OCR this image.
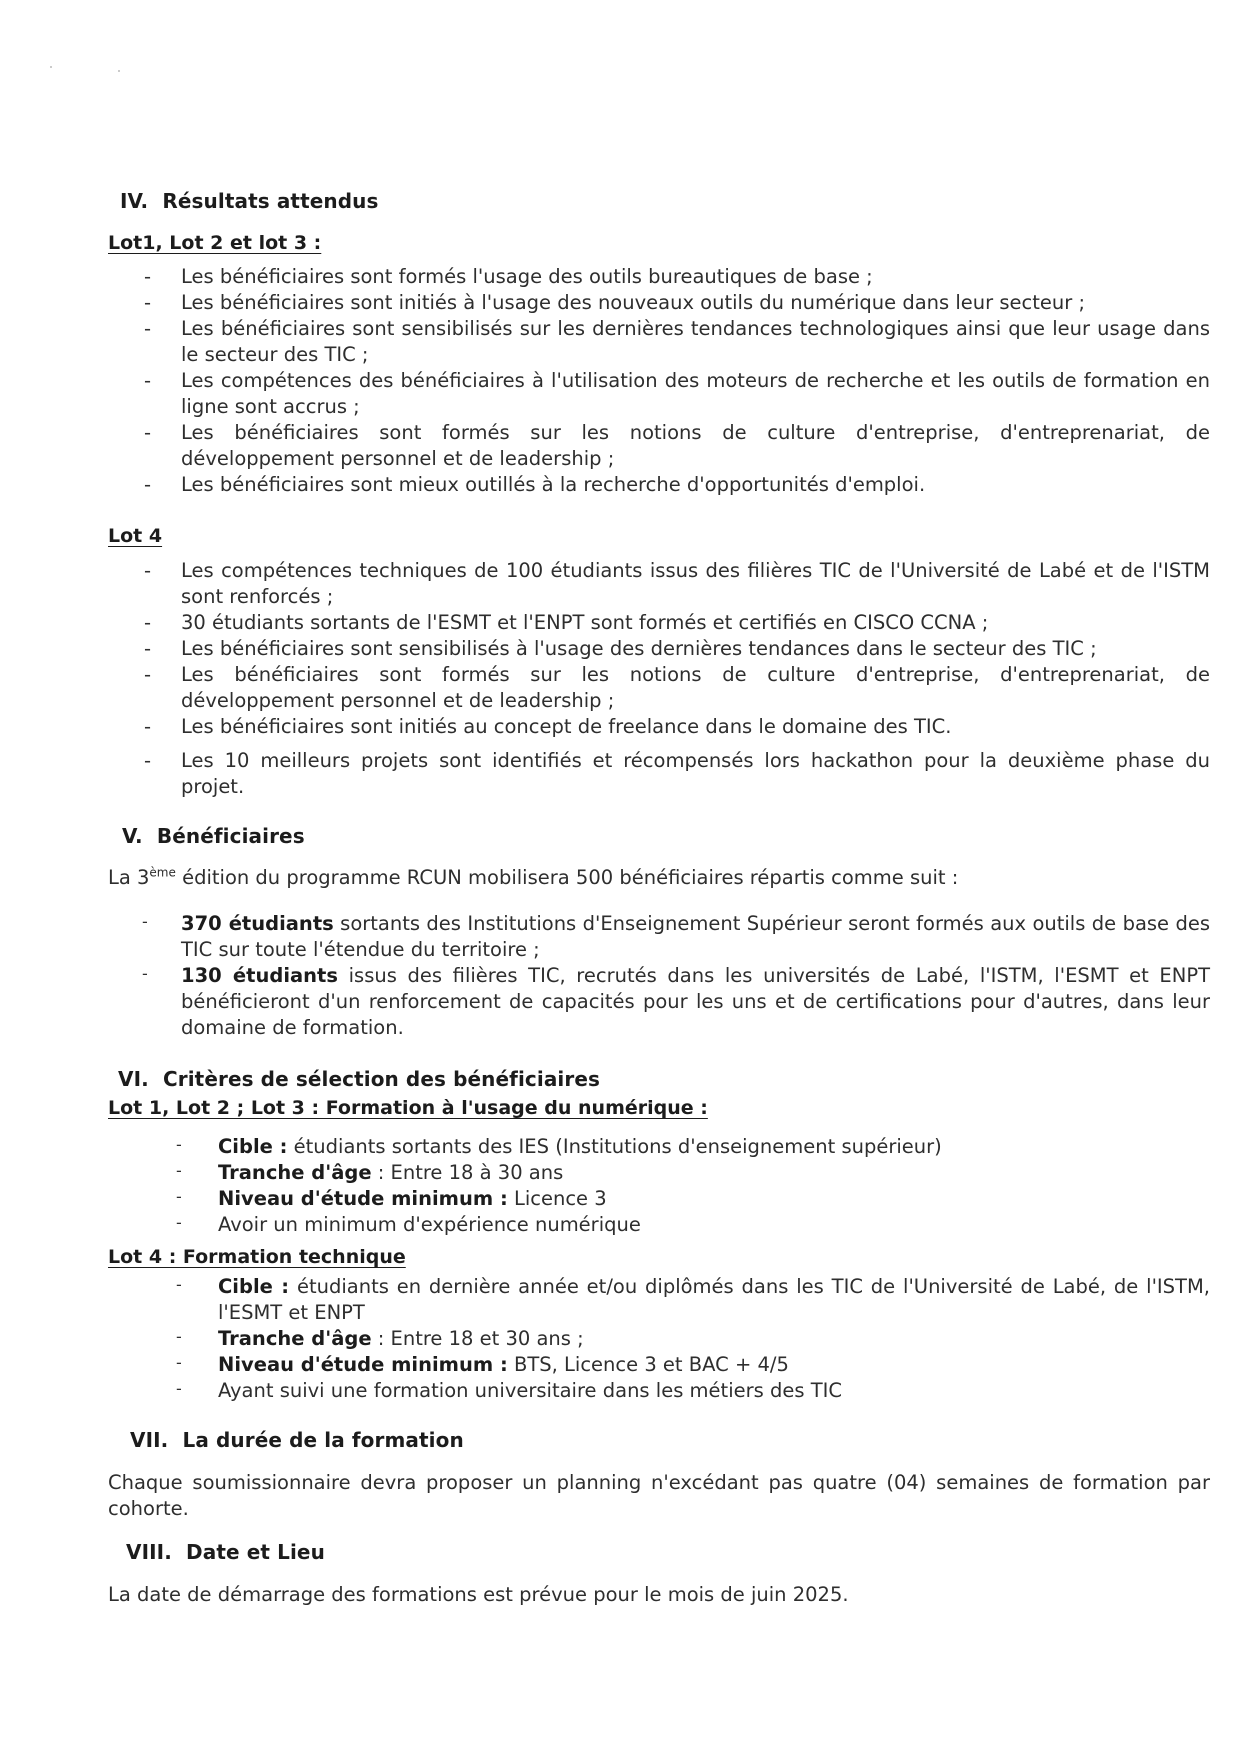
IV. Résultats attendus
Lot1, Lot 2 et lot 3 :
- Les bénéficiaires sont formés l'usage des outils bureautiques de base ;
- Les bénéficiaires sont initiés à l'usage des nouveaux outils du numérique dans leur secteur ;
- Les bénéficiaires sont sensibilisés sur les dernières tendances technologiques ainsi que leur usage dans le secteur des TIC ;
- Les compétences des bénéficiaires à l'utilisation des moteurs de recherche et les outils de formation en ligne sont accrus ;
- Les bénéficiaires sont formés sur les notions de culture d'entreprise, d'entreprenariat, de développement personnel et de leadership ;
- Les bénéficiaires sont mieux outillés à la recherche d'opportunités d'emploi.
Lot 4
- Les compétences techniques de 100 étudiants issus des filières TIC de l'Université de Labé et de l'ISTM sont renforcés ;
- 30 étudiants sortants de l'ESMT et l'ENPT sont formés et certifiés en CISCO CCNA ;
- Les bénéficiaires sont sensibilisés à l'usage des dernières tendances dans le secteur des TIC ;
- Les bénéficiaires sont formés sur les notions de culture d'entreprise, d'entreprenariat, de développement personnel et de leadership ;
- Les bénéficiaires sont initiés au concept de freelance dans le domaine des TIC.
- Les 10 meilleurs projets sont identifiés et récompensés lors hackathon pour la deuxième phase du projet.
V. Bénéficiaires

La 3ème édition du programme RCUN mobilisera 500 bénéficiaires répartis comme suit :

- 370 étudiants sortants des Institutions d'Enseignement Supérieur seront formés aux outils de base des TIC sur toute l'étendue du territoire ;
- 130 étudiants issus des filières TIC, recrutés dans les universités de Labé, l'ISTM, l'ESMT et ENPT bénéficieront d'un renforcement de capacités pour les uns et de certifications pour d'autres, dans leur domaine de formation.
VI. Critères de sélection des bénéficiaires
Lot 1, Lot 2 ; Lot 3 : Formation à l'usage du numérique :
- Cible : étudiants sortants des IES (Institutions d'enseignement supérieur)
- Tranche d'âge : Entre 18 à 30 ans
- Niveau d'étude minimum : Licence 3
- Avoir un minimum d'expérience numérique
Lot 4 : Formation technique
- Cible : étudiants en dernière année et/ou diplômés dans les TIC de l'Université de Labé, de l'ISTM, l'ESMT et ENPT
- Tranche d'âge : Entre 18 et 30 ans ;
- Niveau d'étude minimum : BTS, Licence 3 et BAC + 4/5
- Ayant suivi une formation universitaire dans les métiers des TIC
VII. La durée de la formation

Chaque soumissionnaire devra proposer un planning n'excédant pas quatre (04) semaines de formation par cohorte.

VIII. Date et Lieu

La date de démarrage des formations est prévue pour le mois de juin 2025.
